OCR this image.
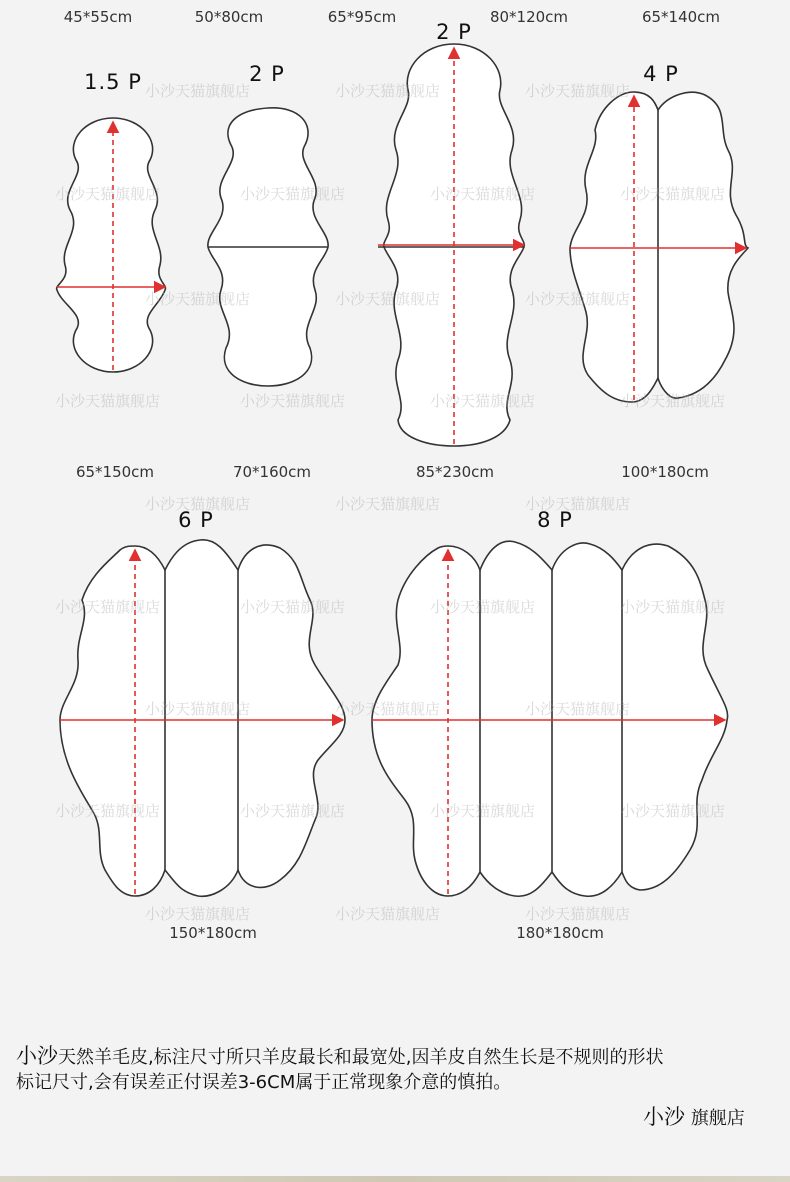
45*55cm	50*80cm	65*95cm	80*120cm	65*140cm
1.5 P	2 P
2 P
4 P
65*150cm	70*160cm	85*230cm	100*180cm
6 P	8 P
150*180cm	180*180cm
小沙天猫旗舰店	小沙天猫旗舰店	小沙天猫旗舰店
小沙天猫旗舰店	小沙天猫旗舰店	小沙天猫旗舰店	小沙天猫旗舰店
小沙天猫旗舰店	小沙天猫旗舰店	小沙天猫旗舰店
小沙天猫旗舰店	小沙天猫旗舰店	小沙天猫旗舰店	小沙天猫旗舰店
小沙天猫旗舰店	小沙天猫旗舰店	小沙天猫旗舰店
小沙天猫旗舰店	小沙天猫旗舰店	小沙天猫旗舰店	小沙天猫旗舰店
小沙天猫旗舰店	小沙天猫旗舰店	小沙天猫旗舰店
小沙天猫旗舰店	小沙天猫旗舰店	小沙天猫旗舰店	小沙天猫旗舰店
小沙天猫旗舰店	小沙天猫旗舰店	小沙天猫旗舰店
小沙天然羊毛皮,标注尺寸所只羊皮最长和最宽处,因羊皮自然生长是不规则的形状
标记尺寸,会有误差正付误差3-6CM属于正常现象介意的慎拍。
小沙 旗舰店
